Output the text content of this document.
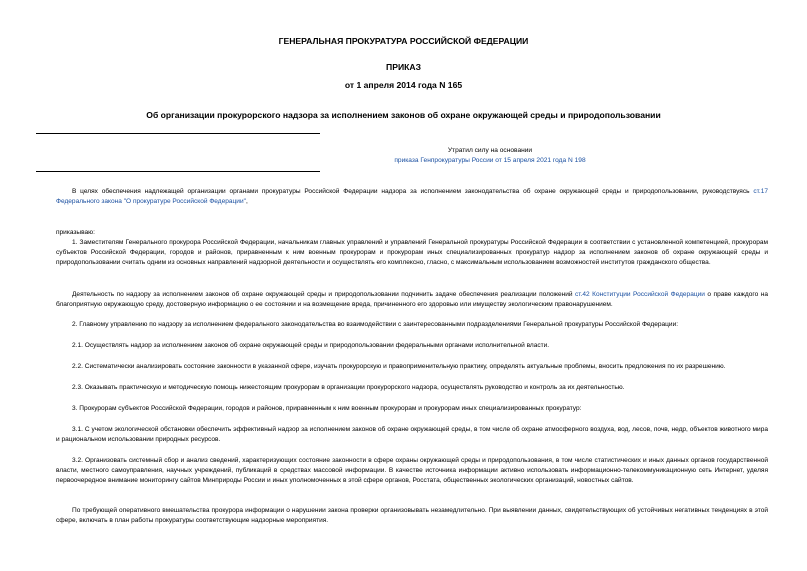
ГЕНЕРАЛЬНАЯ ПРОКУРАТУРА РОССИЙСКОЙ ФЕДЕРАЦИИ
ПРИКАЗ
от 1 апреля 2014 года N 165
Об организации прокурорского надзора за исполнением законов об охране окружающей среды и природопользовании
Утратил силу на основании
приказа Генпрокуратуры России от 15 апреля 2021 года N 198
В целях обеспечения надлежащей организации органами прокуратуры Российской Федерации надзора за исполнением законодательства об охране окружающей среды и природопользовании, руководствуясь ст.17 Федерального закона "О прокуратуре Российской Федерации",
приказываю:
1. Заместителям Генерального прокурора Российской Федерации, начальникам главных управлений и управлений Генеральной прокуратуры Российской Федерации в соответствии с установленной компетенцией, прокурорам субъектов Российской Федерации, городов и районов, приравненным к ним военным прокурорам и прокурорам иных специализированных прокуратур надзор за исполнением законов об охране окружающей среды и природопользовании считать одним из основных направлений надзорной деятельности и осуществлять его комплексно, гласно, с максимальным использованием возможностей институтов гражданского общества.
Деятельность по надзору за исполнением законов об охране окружающей среды и природопользовании подчинить задаче обеспечения реализации положений ст.42 Конституции Российской Федерации о праве каждого на благоприятную окружающую среду, достоверную информацию о ее состоянии и на возмещение вреда, причиненного его здоровью или имуществу экологическим правонарушением.
2. Главному управлению по надзору за исполнением федерального законодательства во взаимодействии с заинтересованными подразделениями Генеральной прокуратуры Российской Федерации:
2.1. Осуществлять надзор за исполнением законов об охране окружающей среды и природопользовании федеральными органами исполнительной власти.
2.2. Систематически анализировать состояние законности в указанной сфере, изучать прокурорскую и правоприменительную практику, определять актуальные проблемы, вносить предложения по их разрешению.
2.3. Оказывать практическую и методическую помощь нижестоящим прокурорам в организации прокурорского надзора, осуществлять руководство и контроль за их деятельностью.
3. Прокурорам субъектов Российской Федерации, городов и районов, приравненным к ним военным прокурорам и прокурорам иных специализированных прокуратур:
3.1. С учетом экологической обстановки обеспечить эффективный надзор за исполнением законов об охране окружающей среды, в том числе об охране атмосферного воздуха, вод, лесов, почв, недр, объектов животного мира и рациональном использовании природных ресурсов.
3.2. Организовать системный сбор и анализ сведений, характеризующих состояние законности в сфере охраны окружающей среды и природопользования, в том числе статистических и иных данных органов государственной власти, местного самоуправления, научных учреждений, публикаций в средствах массовой информации. В качестве источника информации активно использовать информационно-телекоммуникационную сеть Интернет, уделяя первоочередное внимание мониторингу сайтов Минприроды России и иных уполномоченных в этой сфере органов, Росстата, общественных экологических организаций, новостных сайтов.
По требующей оперативного вмешательства прокурора информации о нарушении закона проверки организовывать незамедлительно. При выявлении данных, свидетельствующих об устойчивых негативных тенденциях в этой сфере, включать в план работы прокуратуры соответствующие надзорные мероприятия.
